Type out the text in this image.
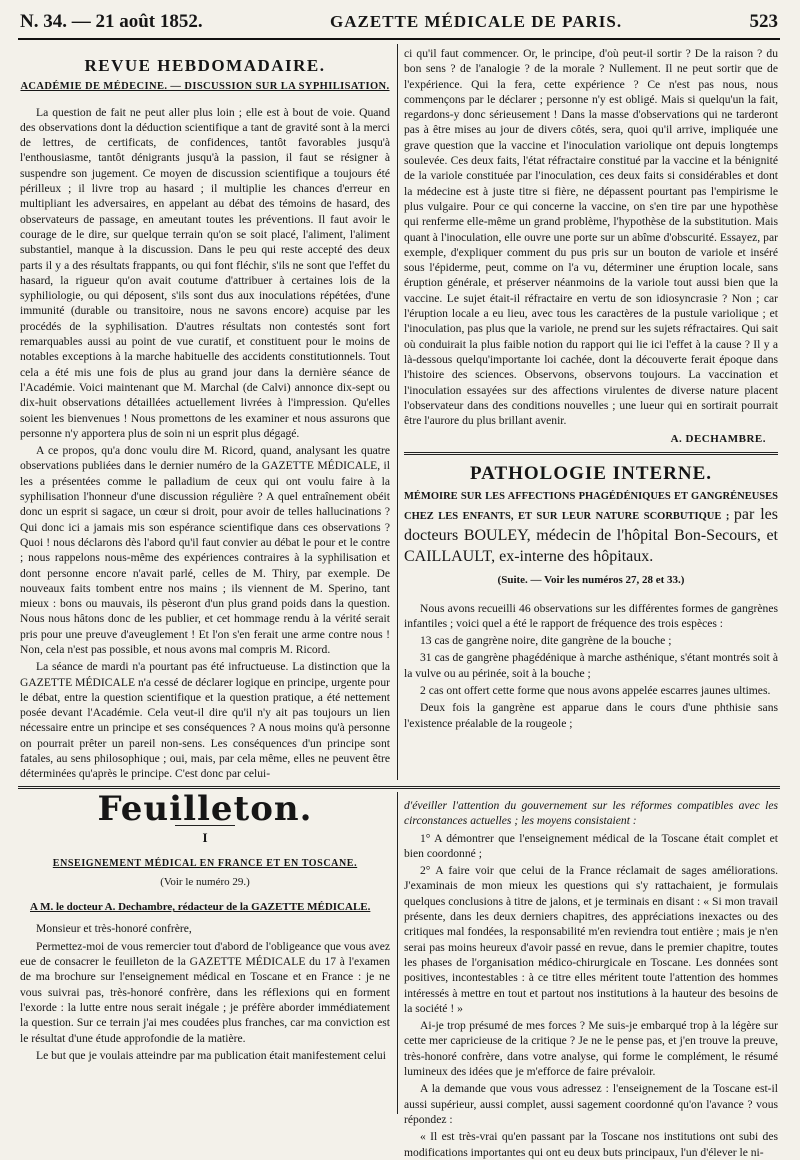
N. 34. — 21 août 1852.	GAZETTE MÉDICALE DE PARIS.	523
REVUE HEBDOMADAIRE.
ACADÉMIE DE MÉDECINE. — DISCUSSION SUR LA SYPHILISATION.

La question de fait ne peut aller plus loin ; elle est à bout de voie. Quand des observations dont la déduction scientifique a tant de gravité sont à la merci de lettres, de certificats, de confidences, tantôt favorables jusqu'à l'enthousiasme, tantôt dénigrants jusqu'à la passion, il faut se résigner à suspendre son jugement. Ce moyen de discussion scientifique a toujours été périlleux ; il livre trop au hasard ; il multiplie les chances d'erreur en multipliant les adversaires, en appelant au débat des témoins de hasard, des observateurs de passage, en ameutant toutes les préventions. Il faut avoir le courage de le dire, sur quelque terrain qu'on se soit placé, l'aliment, l'aliment substantiel, manque à la discussion. Dans le peu qui reste accepté des deux parts il y a des résultats frappants, ou qui font fléchir, s'ils ne sont que l'effet du hasard, la rigueur qu'on avait coutume d'attribuer à certaines lois de la syphiliologie, ou qui déposent, s'ils sont dus aux inoculations répétées, d'une immunité (durable ou transitoire, nous ne savons encore) acquise par les procédés de la syphilisation. D'autres résultats non contestés sont fort remarquables aussi au point de vue curatif, et constituent pour le moins de notables exceptions à la marche habituelle des accidents constitutionnels. Tout cela a été mis une fois de plus au grand jour dans la dernière séance de l'Académie. Voici maintenant que M. Marchal (de Calvi) annonce dix-sept ou dix-huit observations détaillées actuellement livrées à l'impression. Qu'elles soient les bienvenues ! Nous promettons de les examiner et nous assurons que personne n'y apportera plus de soin ni un esprit plus dégagé.

A ce propos, qu'a donc voulu dire M. Ricord, quand, analysant les quatre observations publiées dans le dernier numéro de la GAZETTE MÉDICALE, il les a présentées comme le palladium de ceux qui ont voulu faire à la syphilisation l'honneur d'une discussion régulière ? A quel entraînement obéit donc un esprit si sagace, un cœur si droit, pour avoir de telles hallucinations ? Qui donc ici a jamais mis son espérance scientifique dans ces observations ? Quoi ! nous déclarons dès l'abord qu'il faut convier au débat le pour et le contre ; nous rappelons nous-même des expériences contraires à la syphilisation et dont personne encore n'avait parlé, celles de M. Thiry, par exemple. De nouveaux faits tombent entre nos mains ; ils viennent de M. Sperino, tant mieux : bons ou mauvais, ils pèseront d'un plus grand poids dans la question. Nous nous hâtons donc de les publier, et cet hommage rendu à la vérité serait pris pour une preuve d'aveuglement ! Et l'on s'en ferait une arme contre nous ! Non, cela n'est pas possible, et nous avons mal compris M. Ricord.

La séance de mardi n'a pourtant pas été infructueuse. La distinction que la GAZETTE MÉDICALE n'a cessé de déclarer logique en principe, urgente pour le débat, entre la question scientifique et la question pratique, a été nettement posée devant l'Académie. Cela veut-il dire qu'il n'y ait pas toujours un lien nécessaire entre un principe et ses conséquences ? A nous moins qu'à personne on pourrait prêter un pareil non-sens. Les conséquences d'un principe sont fatales, au sens philosophique ; oui, mais, par cela même, elles ne peuvent être déterminées qu'après le principe. C'est donc par celui-

ci qu'il faut commencer. Or, le principe, d'où peut-il sortir ? De la raison ? du bon sens ? de l'analogie ? de la morale ? Nullement. Il ne peut sortir que de l'expérience. Qui la fera, cette expérience ? Ce n'est pas nous, nous commençons par le déclarer ; personne n'y est obligé. Mais si quelqu'un la fait, regardons-y donc sérieusement ! Dans la masse d'observations qui ne tarderont pas à être mises au jour de divers côtés, sera, quoi qu'il arrive, impliquée une grave question que la vaccine et l'inoculation variolique ont depuis longtemps soulevée. Ces deux faits, l'état réfractaire constitué par la vaccine et la bénignité de la variole constituée par l'inoculation, ces deux faits si considérables et dont la médecine est à juste titre si fière, ne dépassent pourtant pas l'empirisme le plus vulgaire. Pour ce qui concerne la vaccine, on s'en tire par une hypothèse qui renferme elle-même un grand problème, l'hypothèse de la substitution. Mais quant à l'inoculation, elle ouvre une porte sur un abîme d'obscurité. Essayez, par exemple, d'expliquer comment du pus pris sur un bouton de variole et inséré sous l'épiderme, peut, comme on l'a vu, déterminer une éruption locale, sans éruption générale, et préserver néanmoins de la variole tout aussi bien que la vaccine. Le sujet était-il réfractaire en vertu de son idiosyncrasie ? Non ; car l'éruption locale a eu lieu, avec tous les caractères de la pustule variolique ; et l'inoculation, pas plus que la variole, ne prend sur les sujets réfractaires. Qui sait où conduirait la plus faible notion du rapport qui lie ici l'effet à la cause ? Il y a là-dessous quelqu'importante loi cachée, dont la découverte ferait époque dans l'histoire des sciences. Observons, observons toujours. La vaccination et l'inoculation essayées sur des affections virulentes de diverse nature placent l'observateur dans des conditions nouvelles ; une lueur qui en sortirait pourrait être l'aurore du plus brillant avenir.

A. DECHAMBRE.
PATHOLOGIE INTERNE.
MÉMOIRE SUR LES AFFECTIONS PHAGÉDÉNIQUES ET GANGRÉNEUSES CHEZ LES ENFANTS, ET SUR LEUR NATURE SCORBUTIQUE ; par les docteurs BOULEY, médecin de l'hôpital Bon-Secours, et CAILLAULT, ex-interne des hôpitaux.
(Suite. — Voir les numéros 27, 28 et 33.)

Nous avons recueilli 46 observations sur les différentes formes de gangrènes infantiles ; voici quel a été le rapport de fréquence des trois espèces :

13 cas de gangrène noire, dite gangrène de la bouche ;

31 cas de gangrène phagédénique à marche asthénique, s'étant montrés soit à la vulve ou au périnée, soit à la bouche ;

2 cas ont offert cette forme que nous avons appelée escarres jaunes ultimes.

Deux fois la gangrène est apparue dans le cours d'une phthisie sans l'existence préalable de la rougeole ;

Feuilleton.
I
ENSEIGNEMENT MÉDICAL EN FRANCE ET EN TOSCANE.
(Voir le numéro 29.)
A M. le docteur A. Dechambre, rédacteur de la GAZETTE MÉDICALE.

Monsieur et très-honoré confrère,

Permettez-moi de vous remercier tout d'abord de l'obligeance que vous avez eue de consacrer le feuilleton de la GAZETTE MÉDICALE du 17 à l'examen de ma brochure sur l'enseignement médical en Toscane et en France : je ne vous suivrai pas, très-honoré confrère, dans les réflexions qui en forment l'exorde : la lutte entre nous serait inégale ; je préfère aborder immédiatement la question. Sur ce terrain j'ai mes coudées plus franches, car ma conviction est le résultat d'une étude approfondie de la matière.

Le but que je voulais atteindre par ma publication était manifestement celui

d'éveiller l'attention du gouvernement sur les réformes compatibles avec les circonstances actuelles ; les moyens consistaient :

1° A démontrer que l'enseignement médical de la Toscane était complet et bien coordonné ;

2° A faire voir que celui de la France réclamait de sages améliorations. J'examinais de mon mieux les questions qui s'y rattachaient, je formulais quelques conclusions à titre de jalons, et je terminais en disant : « Si mon travail présente, dans les deux derniers chapitres, des appréciations inexactes ou des critiques mal fondées, la responsabilité m'en reviendra tout entière ; mais je n'en serai pas moins heureux d'avoir passé en revue, dans le premier chapitre, toutes les phases de l'organisation médico-chirurgicale en Toscane. Les données sont positives, incontestables : à ce titre elles méritent toute l'attention des hommes intéressés à mettre en tout et partout nos institutions à la hauteur des besoins de la société ! »

Ai-je trop présumé de mes forces ? Me suis-je embarqué trop à la légère sur cette mer capricieuse de la critique ? Je ne le pense pas, et j'en trouve la preuve, très-honoré confrère, dans votre analyse, qui forme le complément, le résumé lumineux des idées que je m'efforce de faire prévaloir.

A la demande que vous vous adressez : l'enseignement de la Toscane est-il aussi supérieur, aussi complet, aussi sagement coordonné qu'on l'avance ? vous répondez :

« Il est très-vrai qu'en passant par la Toscane nos institutions ont subi des modifications importantes qui ont eu deux buts principaux, l'un d'élever le ni-
